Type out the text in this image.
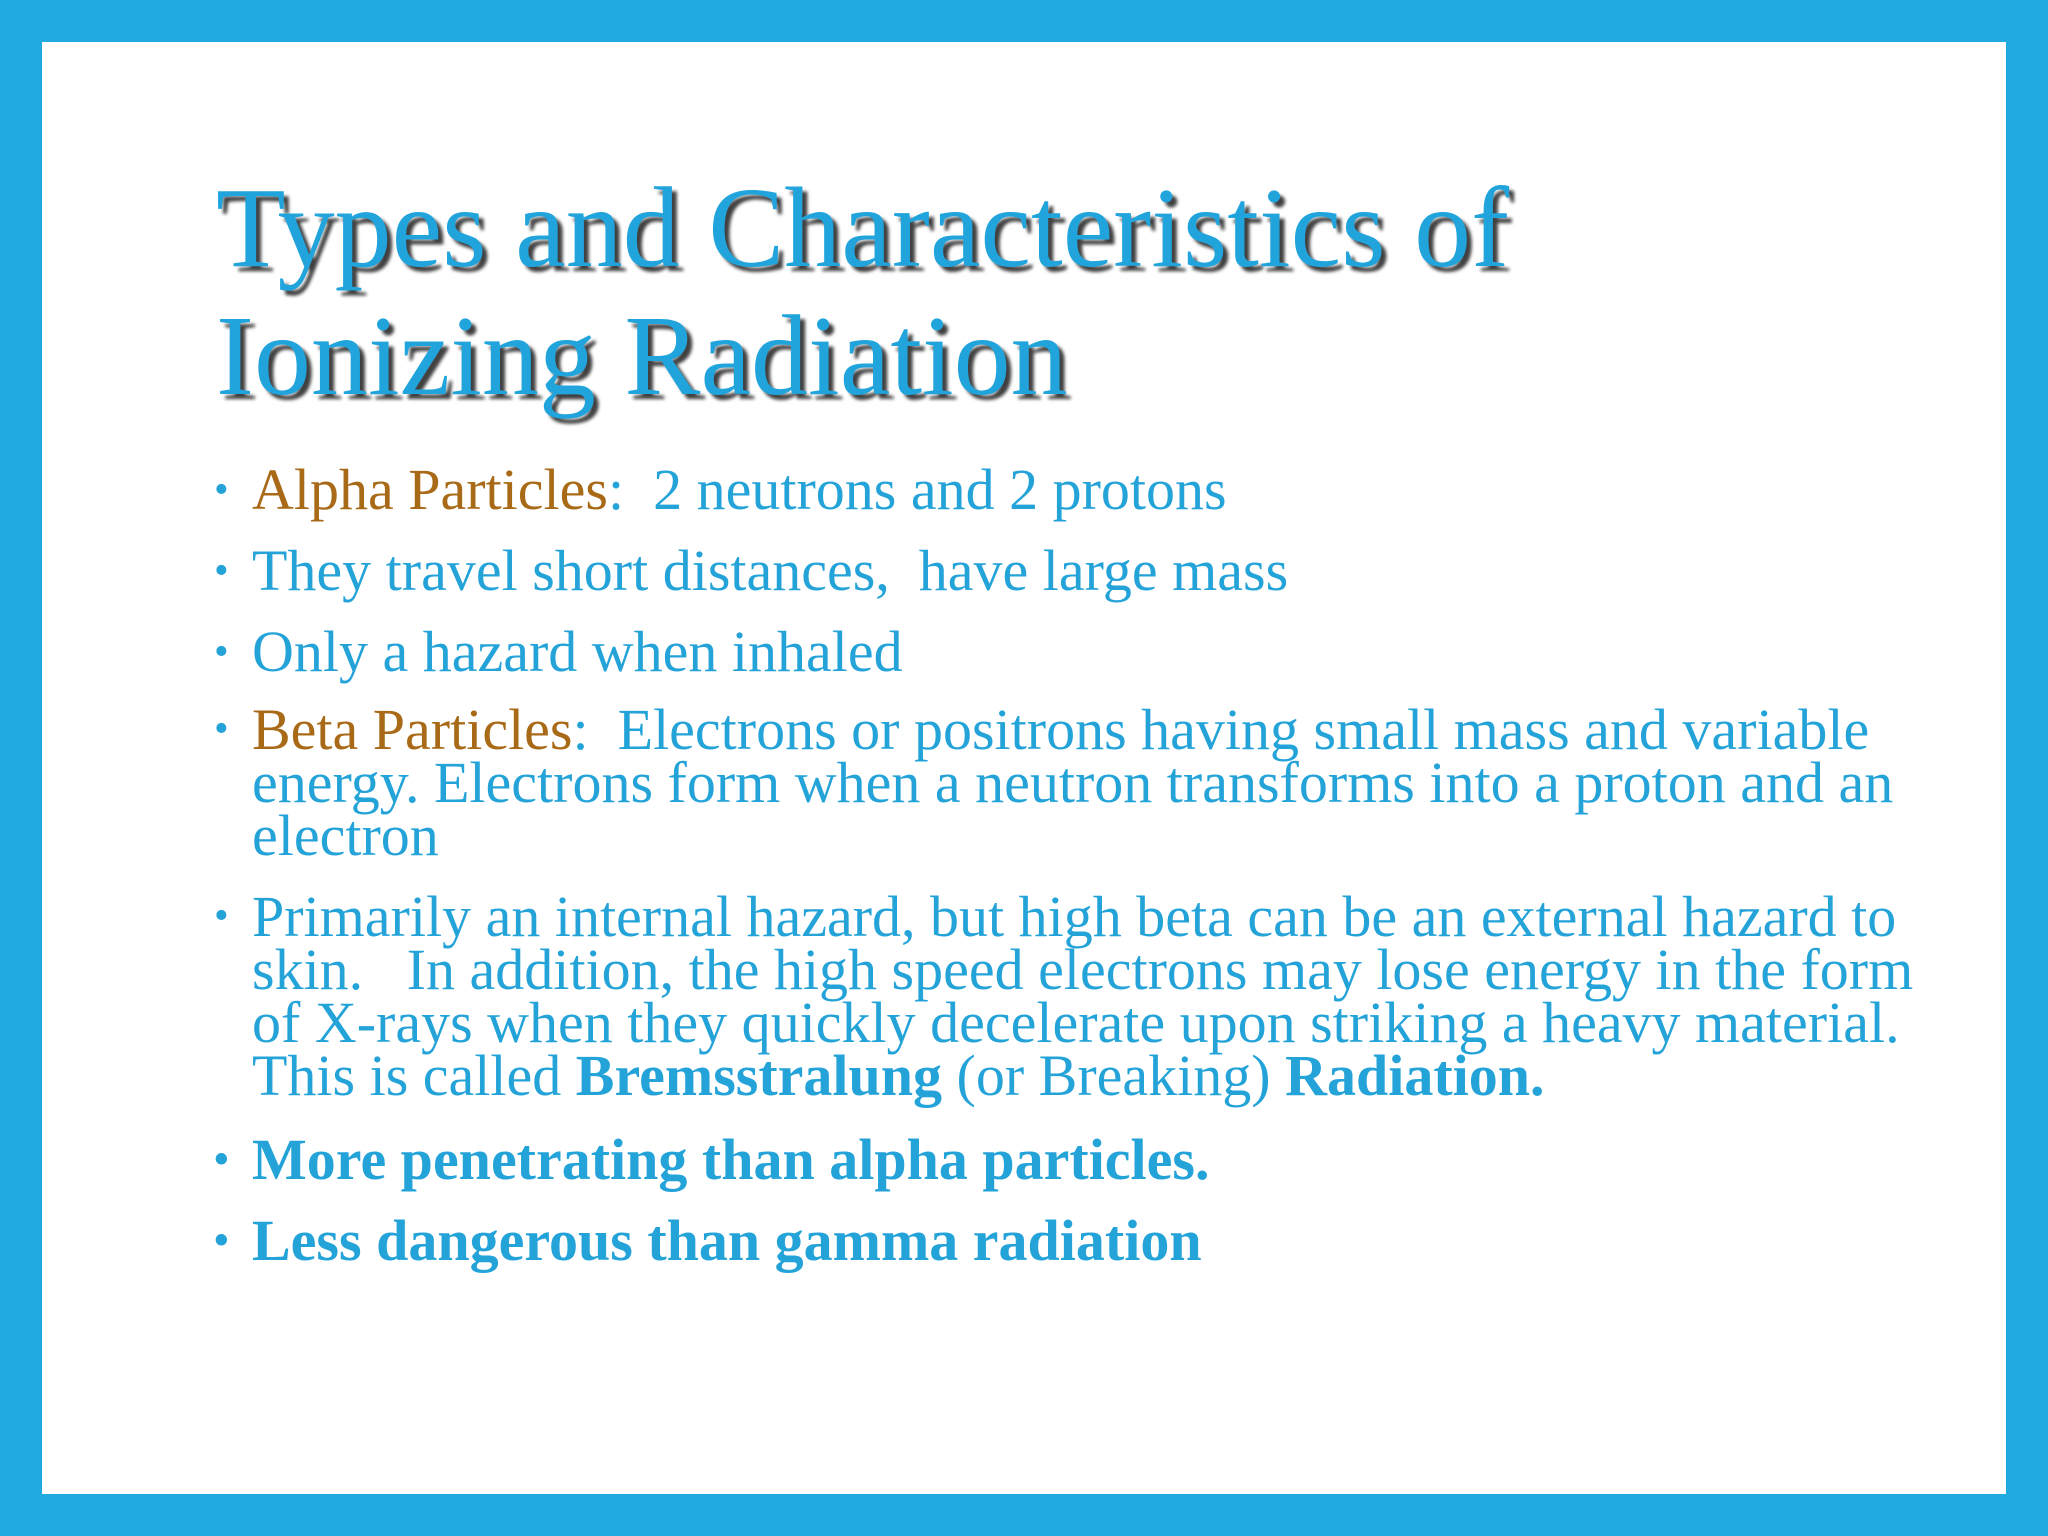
Types and Characteristics of
Ionizing Radiation
• Alpha Particles:  2 neutrons and 2 protons
• They travel short distances,  have large mass
• Only a hazard when inhaled
• Beta Particles:  Electrons or positrons having small mass and variable energy. Electrons form when a neutron transforms into a proton and an electron
• Primarily an internal hazard, but high beta can be an external hazard to skin.   In addition, the high speed electrons may lose energy in the form of X-rays when they quickly decelerate upon striking a heavy material. This is called Bremsstralung (or Breaking) Radiation.
• More penetrating than alpha particles.
• Less dangerous than gamma radiation
